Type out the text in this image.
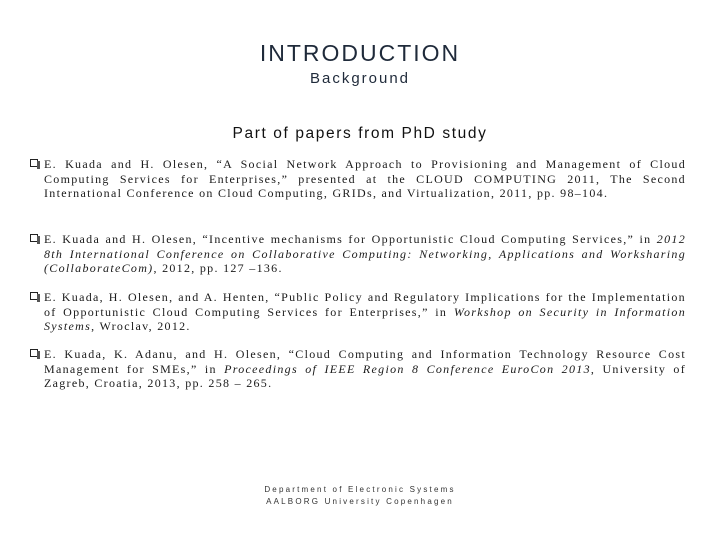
INTRODUCTION
Background
Part of papers from PhD study
E. Kuada and H. Olesen, “A Social Network Approach to Provisioning and Management of Cloud Computing Services for Enterprises,” presented at the CLOUD COMPUTING 2011, The Second International Conference on Cloud Computing, GRIDs, and Virtualization, 2011, pp. 98–104.
E. Kuada and H. Olesen, “Incentive mechanisms for Opportunistic Cloud Computing Services,” in 2012 8th International Conference on Collaborative Computing: Networking, Applications and Worksharing (CollaborateCom), 2012, pp. 127 –136.
E. Kuada, H. Olesen, and A. Henten, “Public Policy and Regulatory Implications for the Implementation of Opportunistic Cloud Computing Services for Enterprises,” in Workshop on Security in Information Systems, Wroclav, 2012.
E. Kuada, K. Adanu, and H. Olesen, “Cloud Computing and Information Technology Resource Cost Management for SMEs,” in Proceedings of IEEE Region 8 Conference EuroCon 2013, University of Zagreb, Croatia, 2013, pp. 258 – 265.
Department of Electronic Systems
AALBORG University Copenhagen
